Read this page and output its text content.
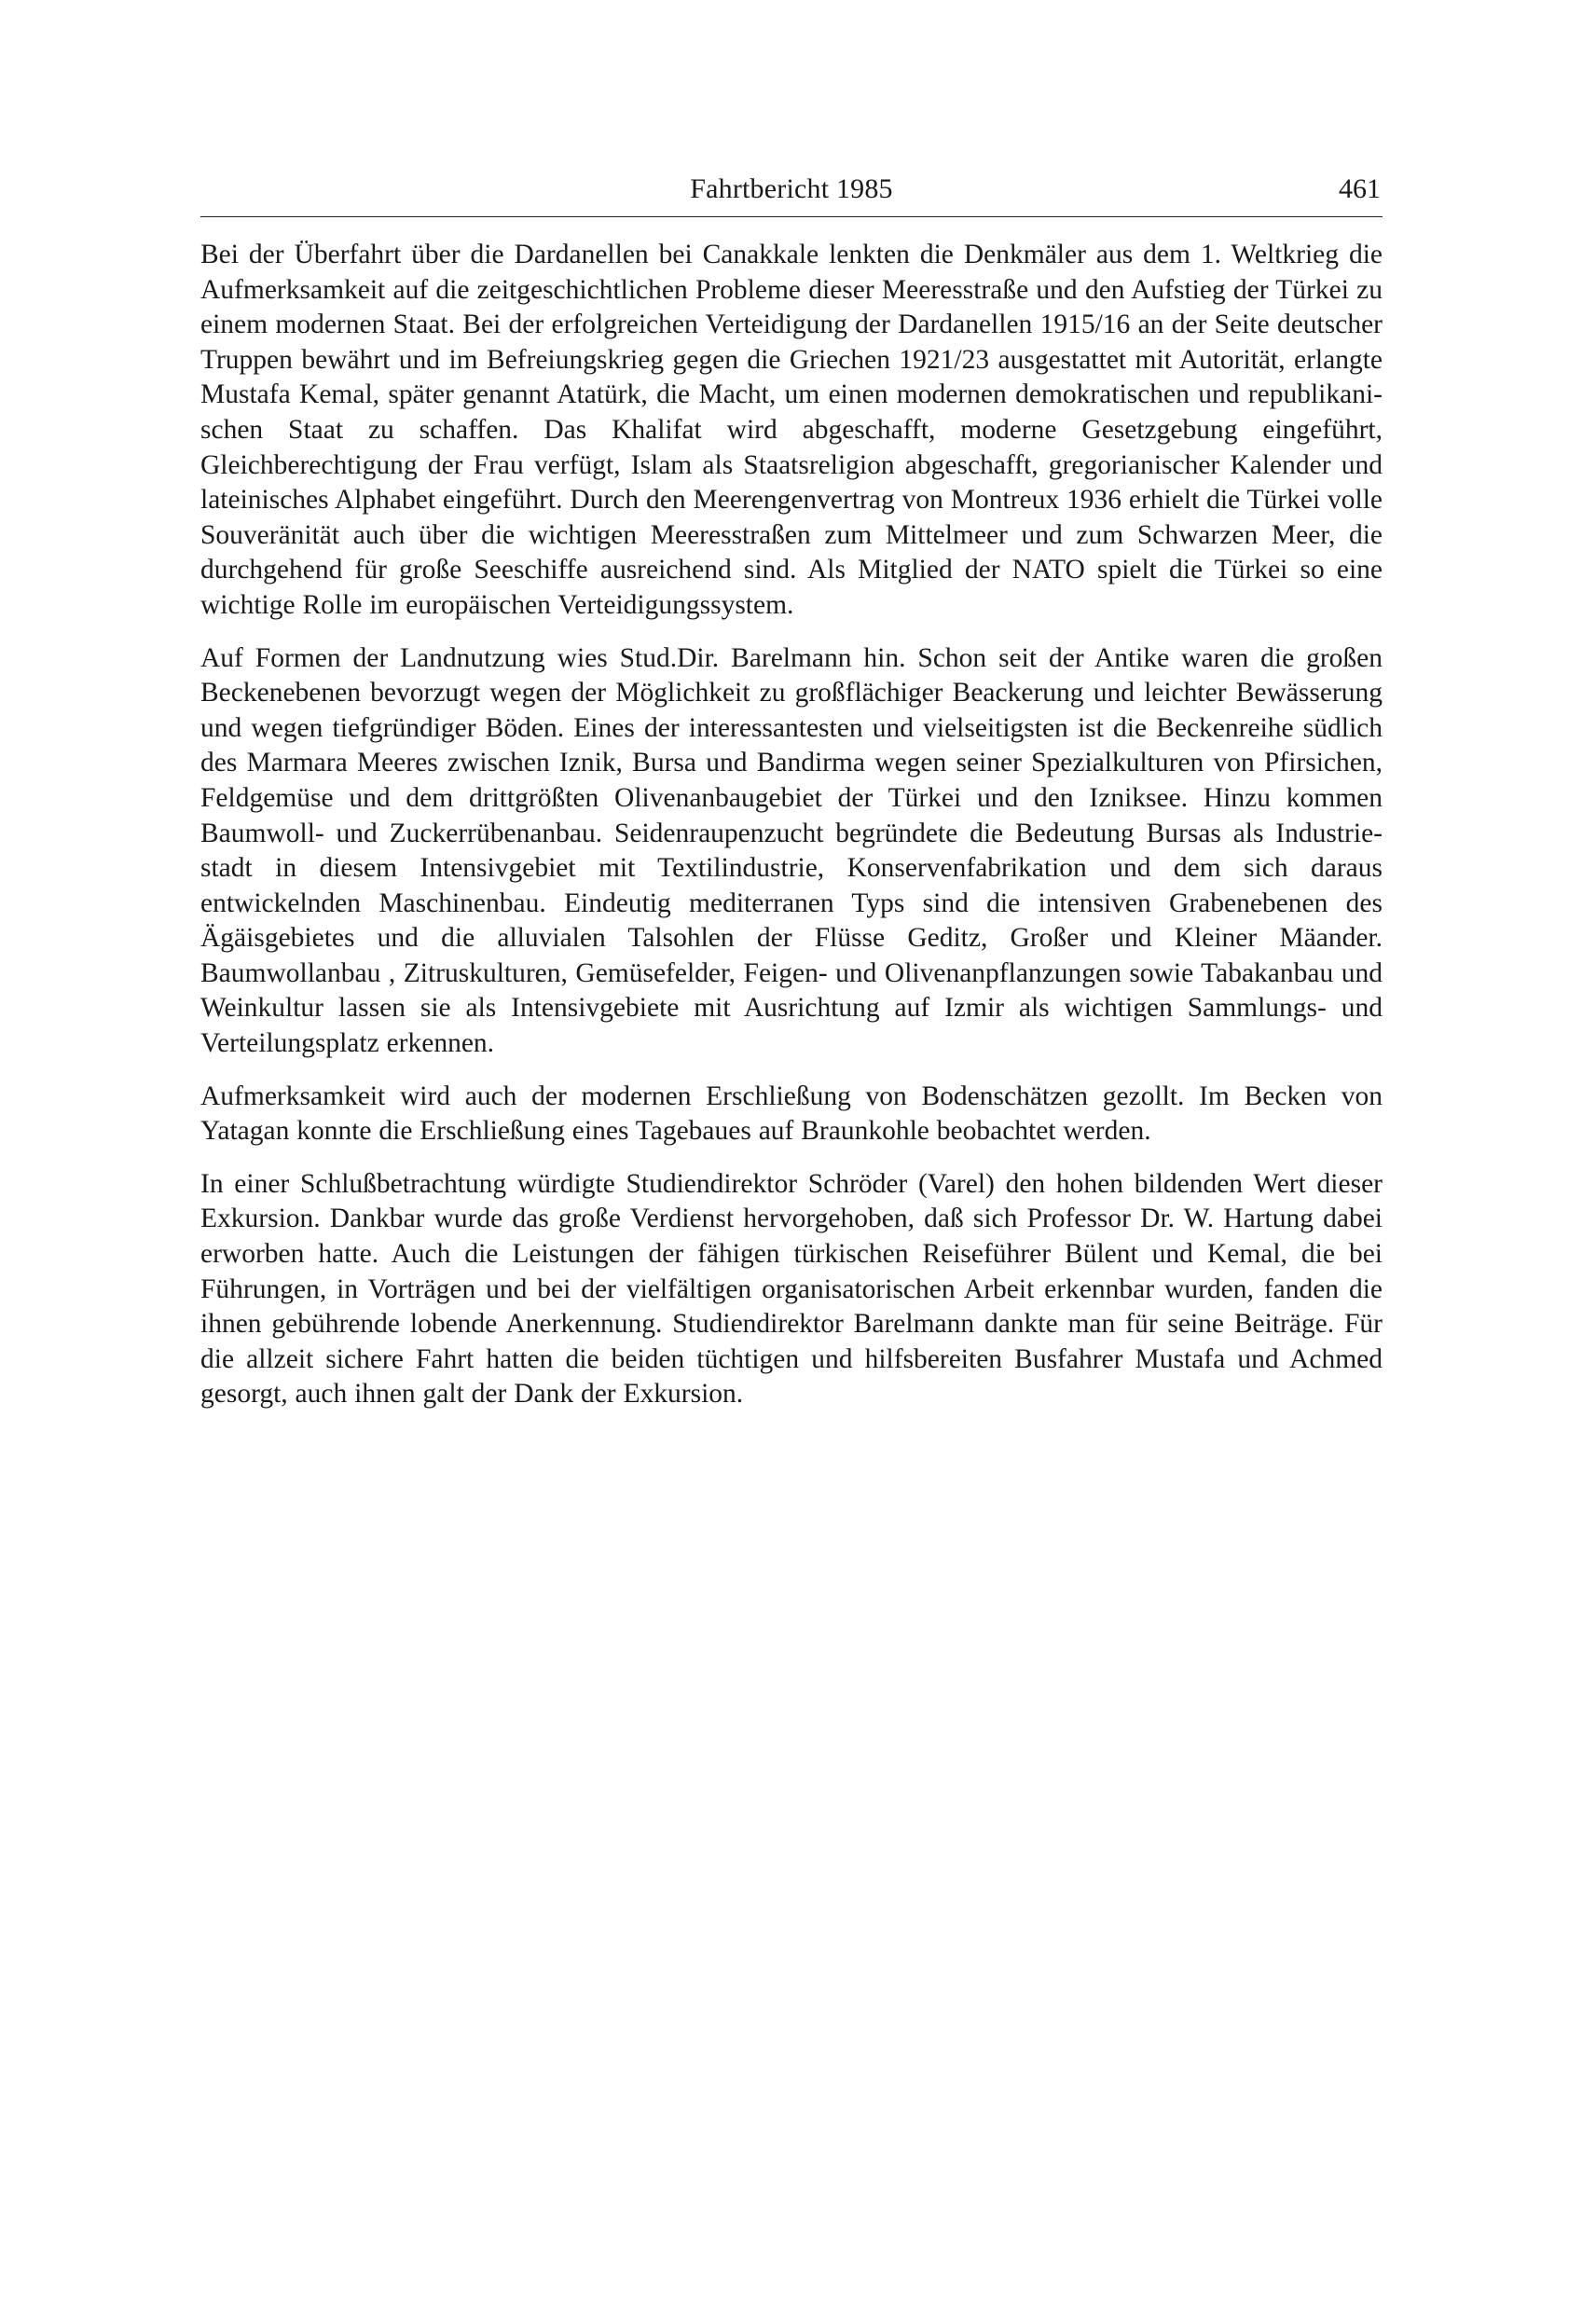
Fahrtbericht 1985	461

Bei der Überfahrt über die Dardanellen bei Canakkale lenkten die Denkmäler aus dem 1. Weltkrieg die Aufmerksamkeit auf die zeitgeschichtlichen Probleme dieser Meeresstraße und den Aufstieg der Türkei zu einem modernen Staat. Bei der erfolgreichen Verteidigung der Dardanellen 1915/16 an der Seite deutscher Truppen bewährt und im Befreiungskrieg gegen die Griechen 1921/23 ausgestattet mit Autorität, erlangte Mustafa Kemal, später genannt Atatürk, die Macht, um einen modernen demokratischen und republikanischen Staat zu schaffen. Das Khalifat wird abgeschafft, moderne Gesetzgebung eingeführt, Gleichberechtigung der Frau verfügt, Islam als Staatsreligion abgeschafft, gregorianischer Kalender und lateinisches Alphabet eingeführt. Durch den Meerengenvertrag von Montreux 1936 erhielt die Türkei volle Souveränität auch über die wichtigen Meeresstraßen zum Mittelmeer und zum Schwarzen Meer, die durchgehend für große Seeschiffe ausreichend sind. Als Mitglied der NATO spielt die Türkei so eine wichtige Rolle im europäischen Verteidigungssystem.

Auf Formen der Landnutzung wies Stud.Dir. Barelmann hin. Schon seit der Antike waren die großen Beckenebenen bevorzugt wegen der Möglichkeit zu großflächiger Beackerung und leichter Bewässerung und wegen tiefgründiger Böden. Eines der interessantesten und vielseitigsten ist die Beckenreihe südlich des Marmara Meeres zwischen Iznik, Bursa und Bandirma wegen seiner Spezialkulturen von Pfirsichen, Feldgemüse und dem drittgrößten Olivenanbaugebiet der Türkei und den Izniksee. Hinzu kommen Baumwoll- und Zuckerrübenanbau. Seidenraupenzucht begründete die Bedeutung Bursas als Industriestadt in diesem Intensivgebiet mit Textilindustrie, Konservenfabrikation und dem sich daraus entwickelnden Maschinenbau. Eindeutig mediterranen Typs sind die intensiven Grabenebenen des Ägäisgebietes und die alluvialen Talsohlen der Flüsse Geditz, Großer und Kleiner Mäander. Baumwollanbau , Zitruskulturen, Gemüsefelder, Feigen- und Olivenanpflanzungen sowie Tabakanbau und Weinkultur lassen sie als Intensivgebiete mit Ausrichtung auf Izmir als wichtigen Sammlungs- und Verteilungsplatz erkennen.

Aufmerksamkeit wird auch der modernen Erschließung von Bodenschätzen gezollt. Im Becken von Yatagan konnte die Erschließung eines Tagebaues auf Braunkohle beobachtet werden.

In einer Schlußbetrachtung würdigte Studiendirektor Schröder (Varel) den hohen bildenden Wert dieser Exkursion. Dankbar wurde das große Verdienst hervorgehoben, daß sich Professor Dr. W. Hartung dabei erworben hatte. Auch die Leistungen der fähigen türkischen Reiseführer Bülent und Kemal, die bei Führungen, in Vorträgen und bei der vielfältigen organisatorischen Arbeit erkennbar wurden, fanden die ihnen gebührende lobende Anerkennung. Studiendirektor Barelmann dankte man für seine Beiträge. Für die allzeit sichere Fahrt hatten die beiden tüchtigen und hilfsbereiten Busfahrer Mustafa und Achmed gesorgt, auch ihnen galt der Dank der Exkursion.
